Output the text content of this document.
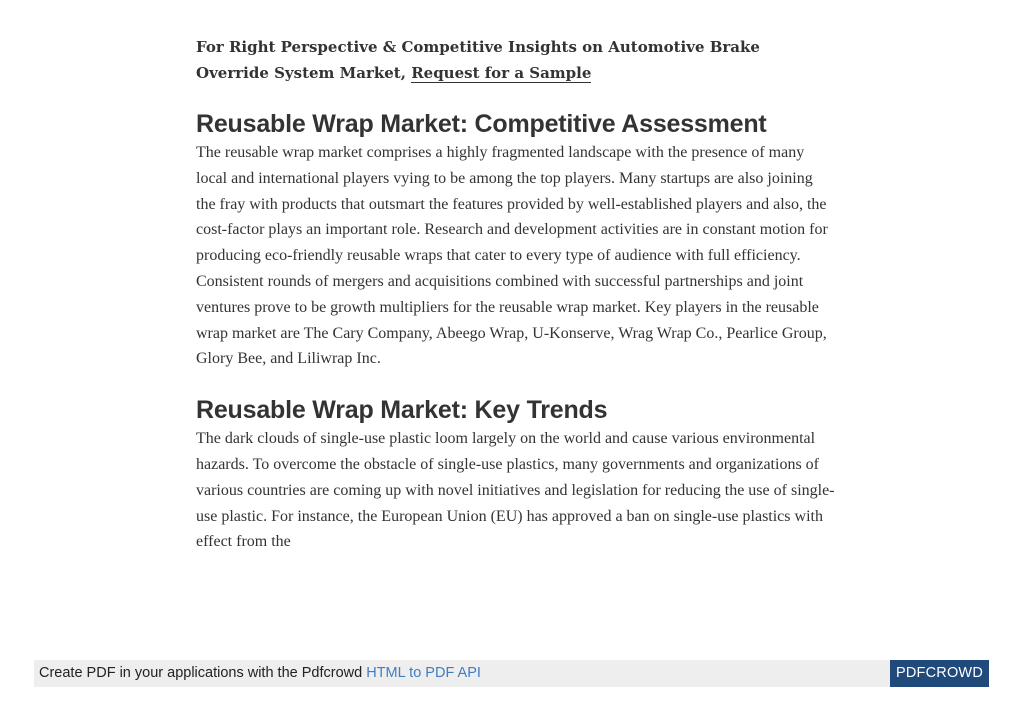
For Right Perspective & Competitive Insights on Automotive Brake Override System Market, Request for a Sample

Reusable Wrap Market: Competitive Assessment

The reusable wrap market comprises a highly fragmented landscape with the presence of many local and international players vying to be among the top players. Many startups are also joining the fray with products that outsmart the features provided by well-established players and also, the cost-factor plays an important role. Research and development activities are in constant motion for producing eco-friendly reusable wraps that cater to every type of audience with full efficiency.

Consistent rounds of mergers and acquisitions combined with successful partnerships and joint ventures prove to be growth multipliers for the reusable wrap market. Key players in the reusable wrap market are The Cary Company, Abeego Wrap, U-Konserve, Wrag Wrap Co., Pearlice Group, Glory Bee, and Liliwrap Inc.

Reusable Wrap Market: Key Trends

The dark clouds of single-use plastic loom largely on the world and cause various environmental hazards. To overcome the obstacle of single-use plastics, many governments and organizations of various countries are coming up with novel initiatives and legislation for reducing the use of single-use plastic. For instance, the European Union (EU) has approved a ban on single-use plastics with effect from the

Create PDF in your applications with the Pdfcrowd HTML to PDF API	PDFCROWD
